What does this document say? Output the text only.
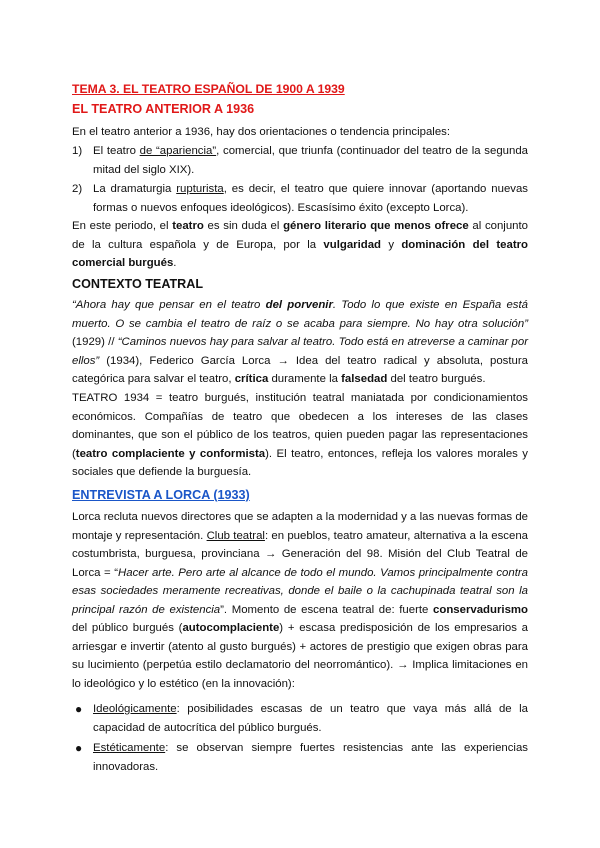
TEMA 3. EL TEATRO ESPAÑOL DE 1900 A 1939
EL TEATRO ANTERIOR A 1936

En el teatro anterior a 1936, hay dos orientaciones o tendencia principales:

1) El teatro de “apariencia”, comercial, que triunfa (continuador del teatro de la segunda mitad del siglo XIX).

2) La dramaturgia rupturista, es decir, el teatro que quiere innovar (aportando nuevas formas o nuevos enfoques ideológicos). Escasísimo éxito (excepto Lorca).

En este periodo, el teatro es sin duda el género literario que menos ofrece al conjunto de la cultura española y de Europa, por la vulgaridad y dominación del teatro comercial burgués.

CONTEXTO TEATRAL

“Ahora hay que pensar en el teatro del porvenir. Todo lo que existe en España está muerto. O se cambia el teatro de raíz o se acaba para siempre. No hay otra solución” (1929) // “Caminos nuevos hay para salvar al teatro. Todo está en atreverse a caminar por ellos” (1934), Federico García Lorca → Idea del teatro radical y absoluta, postura categórica para salvar el teatro, crítica duramente la falsedad del teatro burgués.

TEATRO 1934 = teatro burgués, institución teatral maniatada por condicionamientos económicos. Compañías de teatro que obedecen a los intereses de las clases dominantes, que son el público de los teatros, quien pueden pagar las representaciones (teatro complaciente y conformista). El teatro, entonces, refleja los valores morales y sociales que defiende la burguesía.

ENTREVISTA A LORCA (1933)

Lorca recluta nuevos directores que se adapten a la modernidad y a las nuevas formas de montaje y representación. Club teatral: en pueblos, teatro amateur, alternativa a la escena costumbrista, burguesa, provinciana → Generación del 98. Misión del Club Teatral de Lorca = “Hacer arte. Pero arte al alcance de todo el mundo. Vamos principalmente contra esas sociedades meramente recreativas, donde el baile o la cachupinada teatral son la principal razón de existencia”. Momento de escena teatral de: fuerte conservadurismo del público burgués (autocomplaciente) + escasa predisposición de los empresarios a arriesgar e invertir (atento al gusto burgués) + actores de prestigio que exigen obras para su lucimiento (perpetúa estilo declamatorio del neorromántico). → Implica limitaciones en lo ideológico y lo estético (en la innovación):

● Ideológicamente: posibilidades escasas de un teatro que vaya más allá de la capacidad de autocrítica del público burgués.

● Estéticamente: se observan siempre fuertes resistencias ante las experiencias innovadoras.
